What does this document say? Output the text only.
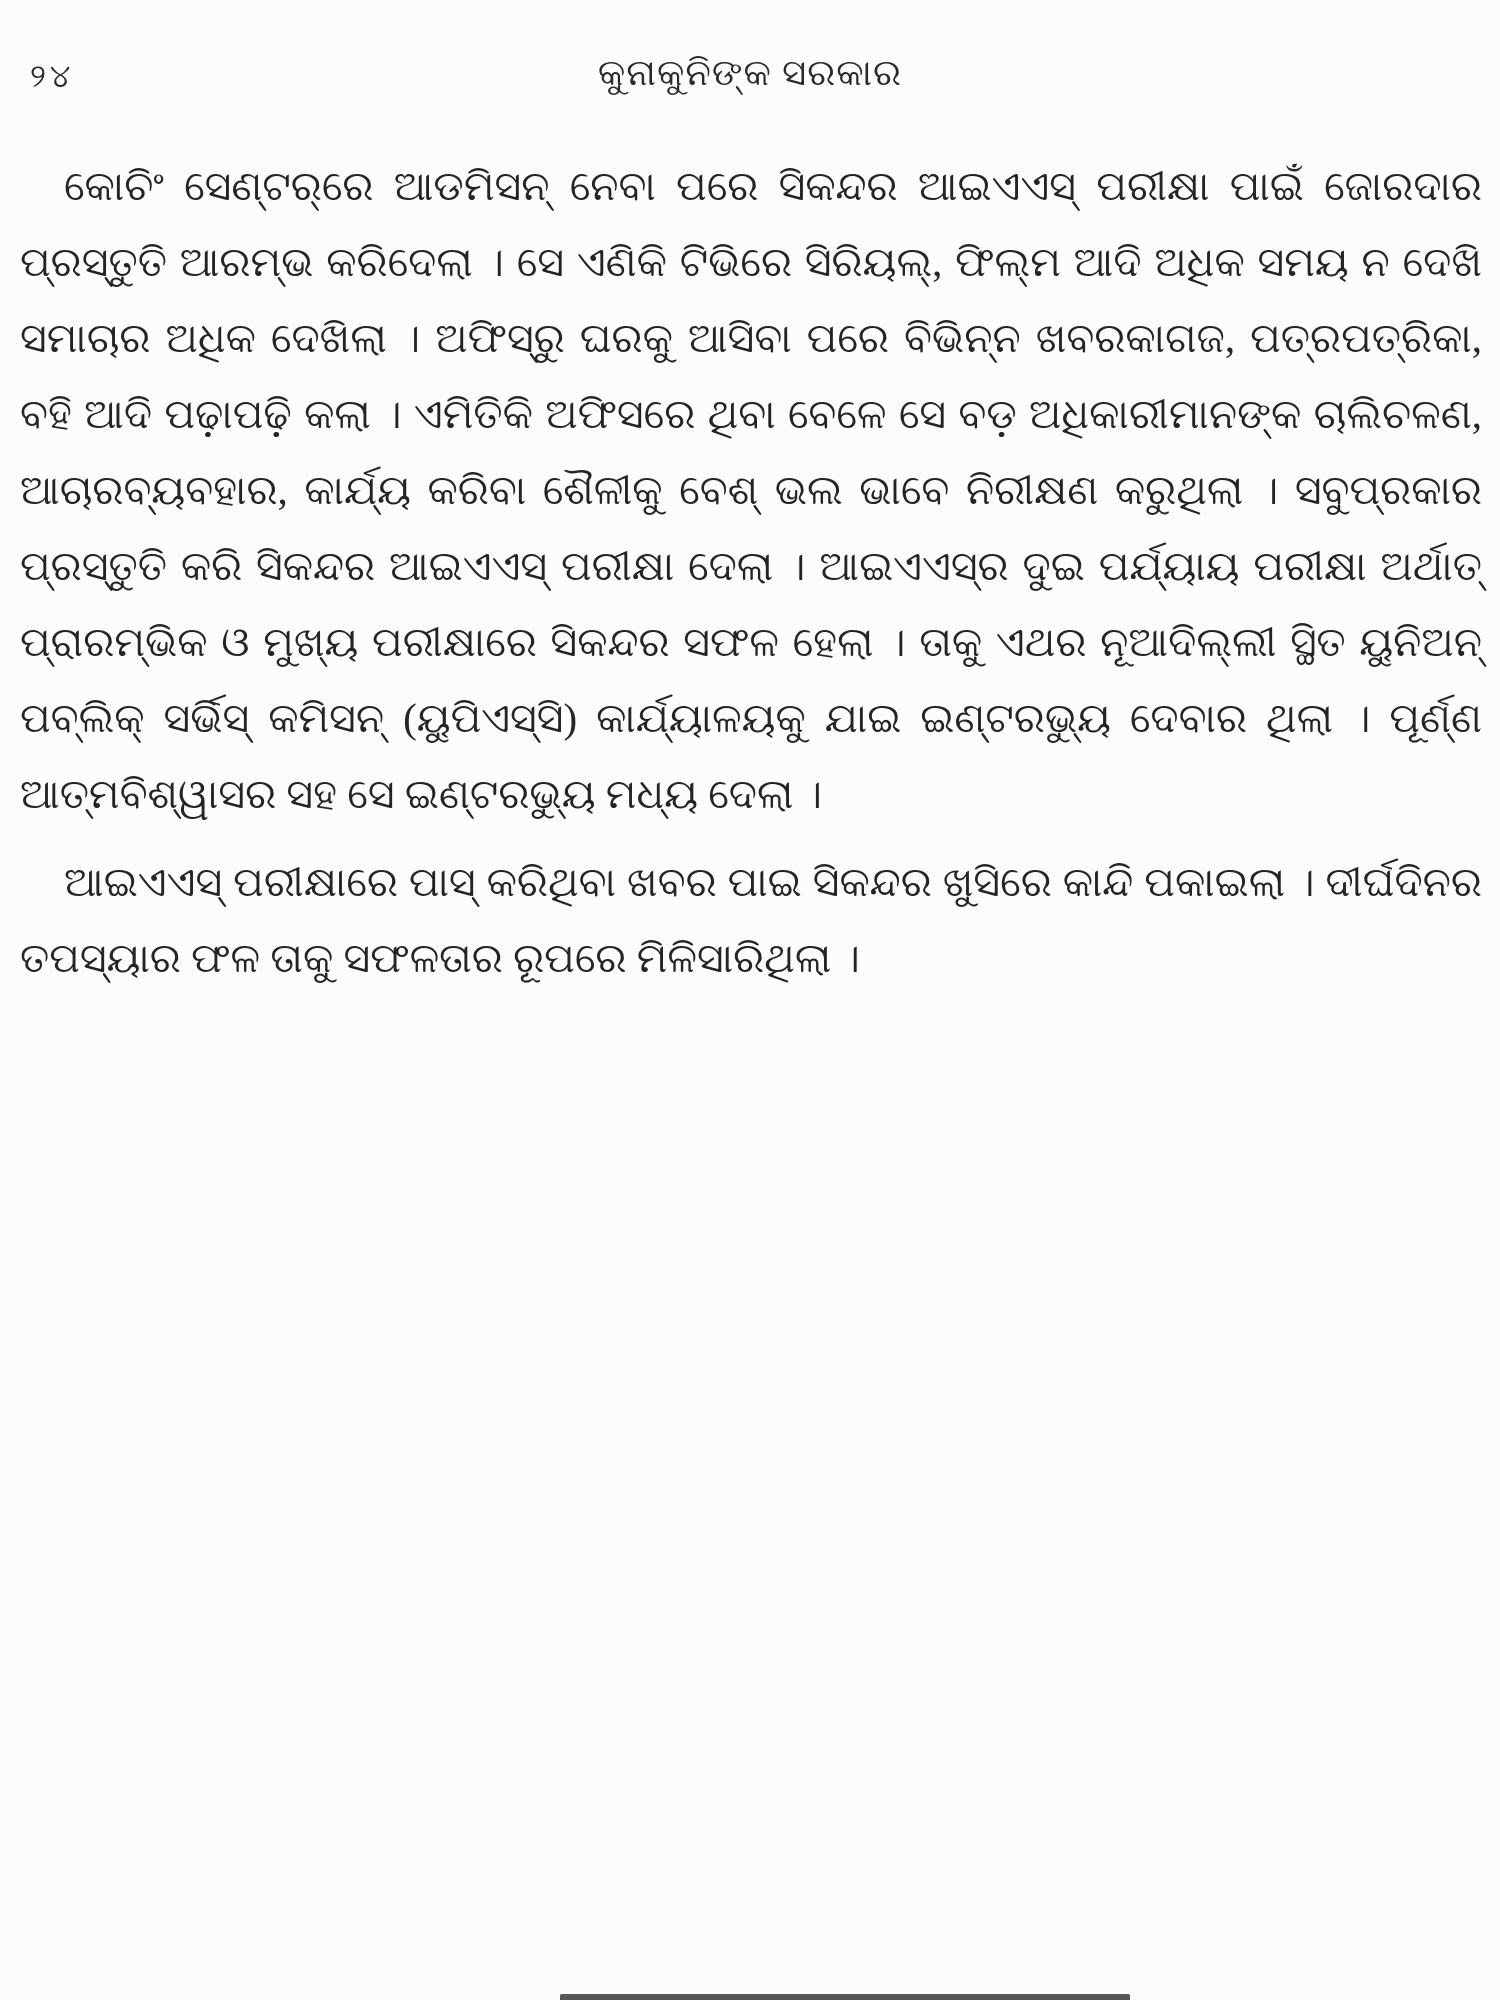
୨୪	କୁନାକୁନିଙ୍କ ସରକାର

କୋଚିଂ ସେଣ୍ଟର୍‌ରେ ଆଡମିସନ୍ ନେବା ପରେ ସିକନ୍ଦର ଆଇଏଏସ୍ ପରୀକ୍ଷା ପାଇଁ ଜୋରଦାର ପ୍ରସ୍ତୁତି ଆରମ୍ଭ କରିଦେଲା । ସେ ଏଣିକି ଟିଭିରେ ସିରିୟଲ୍, ଫିଲ୍ମ ଆଦି ଅଧିକ ସମୟ ନ ଦେଖି ସମାଚାର ଅଧିକ ଦେଖିଲା । ଅଫିସ୍‌ରୁ ଘରକୁ ଆସିବା ପରେ ବିଭିନ୍ନ ଖବରକାଗଜ, ପତ୍ରପତ୍ରିକା, ବହି ଆଦି ପଢ଼ାପଢ଼ି କଲା । ଏମିତିକି ଅଫିସରେ ଥିବା ବେଳେ ସେ ବଡ଼ ଅଧିକାରୀମାନଙ୍କ ଚାଲିଚଳଣ, ଆଚାରବ୍ୟବହାର, କାର୍ଯ୍ୟ କରିବା ଶୈଳୀକୁ ବେଶ୍ ଭଲ ଭାବେ ନିରୀକ୍ଷଣ କରୁଥିଲା । ସବୁପ୍ରକାର ପ୍ରସ୍ତୁତି କରି ସିକନ୍ଦର ଆଇଏଏସ୍ ପରୀକ୍ଷା ଦେଲା । ଆଇଏଏସ୍‌ର ଦୁଇ ପର୍ଯ୍ୟାୟ ପରୀକ୍ଷା ଅର୍ଥାତ୍ ପ୍ରାରମ୍ଭିକ ଓ ମୁଖ୍ୟ ପରୀକ୍ଷାରେ ସିକନ୍ଦର ସଫଳ ହେଲା । ତାକୁ ଏଥର ନୂଆଦିଲ୍ଲୀ ସ୍ଥିତ ୟୁନିଅନ୍ ପବ୍ଲିକ୍ ସର୍ଭିସ୍ କମିସନ୍ (ୟୁପିଏସ୍‌ସି) କାର୍ଯ୍ୟାଳୟକୁ ଯାଇ ଇଣ୍ଟରଭ୍ୟୁ ଦେବାର ଥିଲା । ପୂର୍ଣ୍ଣ ଆତ୍ମବିଶ୍ୱାସର ସହ ସେ ଇଣ୍ଟରଭ୍ୟୁ ମଧ୍ୟ ଦେଲା ।

ଆଇଏଏସ୍ ପରୀକ୍ଷାରେ ପାସ୍ କରିଥିବା ଖବର ପାଇ ସିକନ୍ଦର ଖୁସିରେ କାନ୍ଦି ପକାଇଲା । ଦୀର୍ଘଦିନର ତପସ୍ୟାର ଫଳ ତାକୁ ସଫଳତାର ରୂପରେ ମିଳିସାରିଥିଲା ।
